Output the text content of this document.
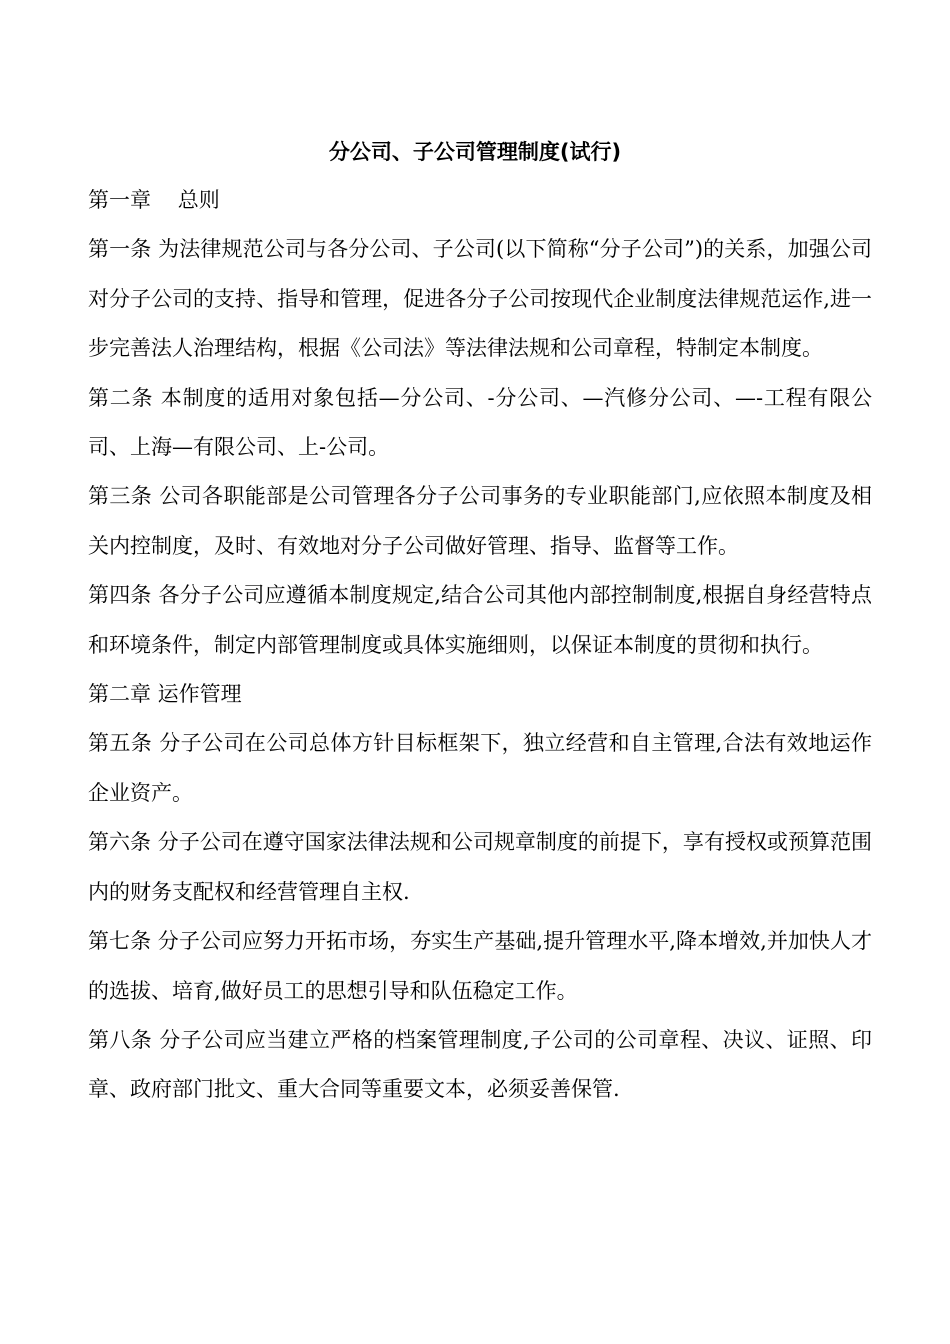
分公司、子公司管理制度(试行)

第一章    总则

第一条 为法律规范公司与各分公司、子公司(以下简称“分子公司”)的关系，加强公司对分子公司的支持、指导和管理，促进各分子公司按现代企业制度法律规范运作,进一步完善法人治理结构，根据《公司法》等法律法规和公司章程，特制定本制度。

第二条 本制度的适用对象包括—分公司、-分公司、—汽修分公司、—-工程有限公司、上海—有限公司、上-公司。

第三条 公司各职能部是公司管理各分子公司事务的专业职能部门,应依照本制度及相关内控制度，及时、有效地对分子公司做好管理、指导、监督等工作。

第四条 各分子公司应遵循本制度规定,结合公司其他内部控制制度,根据自身经营特点和环境条件，制定内部管理制度或具体实施细则，以保证本制度的贯彻和执行。

第二章 运作管理

第五条 分子公司在公司总体方针目标框架下，独立经营和自主管理,合法有效地运作企业资产。

第六条 分子公司在遵守国家法律法规和公司规章制度的前提下，享有授权或预算范围内的财务支配权和经营管理自主权.

第七条 分子公司应努力开拓市场，夯实生产基础,提升管理水平,降本增效,并加快人才的选拔、培育,做好员工的思想引导和队伍稳定工作。

第八条 分子公司应当建立严格的档案管理制度,子公司的公司章程、决议、证照、印章、政府部门批文、重大合同等重要文本，必须妥善保管.
